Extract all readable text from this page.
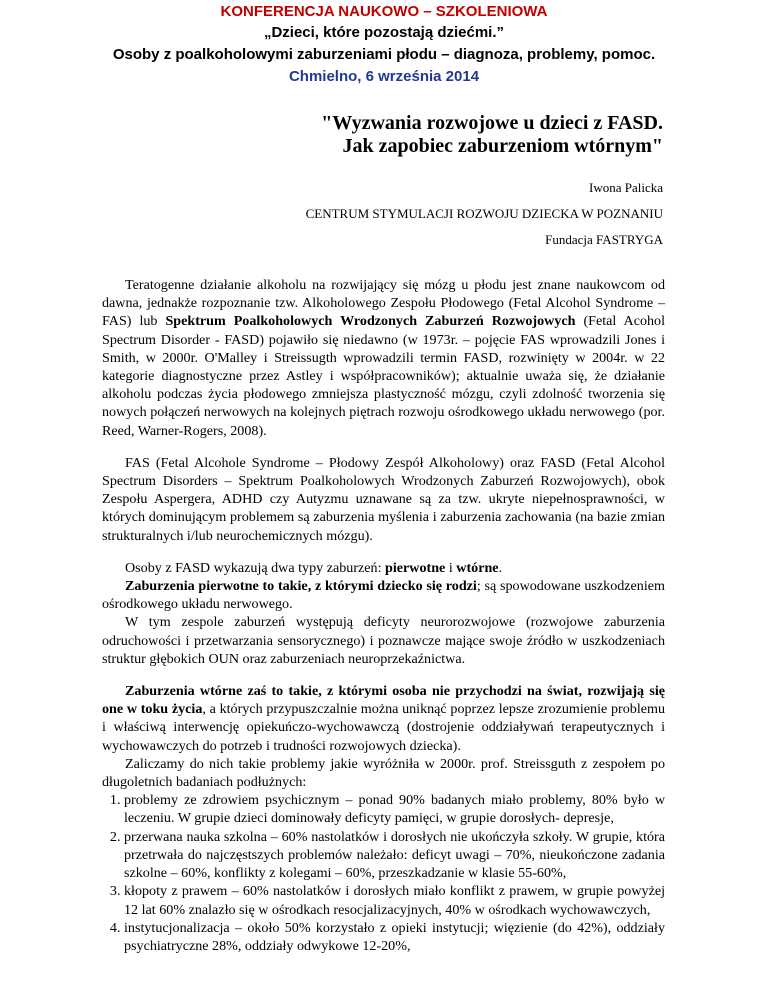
KONFERENCJA NAUKOWO – SZKOLENIOWA
„Dzieci, które pozostają dziećmi.”
Osoby z poalkoholowymi zaburzeniami płodu – diagnoza, problemy, pomoc.
Chmielno, 6 września 2014
"Wyzwania rozwojowe u dzieci z FASD.
Jak zapobiec zaburzeniom wtórnym"
Iwona Palicka
CENTRUM STYMULACJI ROZWOJU DZIECKA W POZNANIU
Fundacja FASTRYGA

Teratogenne działanie alkoholu na rozwijający się mózg u płodu jest znane naukowcom od dawna, jednakże rozpoznanie tzw. Alkoholowego Zespołu Płodowego (Fetal Alcohol Syndrome – FAS) lub Spektrum Poalkoholowych Wrodzonych Zaburzeń Rozwojowych (Fetal Acohol Spectrum Disorder - FASD) pojawiło się niedawno (w 1973r. – pojęcie FAS wprowadzili Jones i Smith, w 2000r. O'Malley i Streissugth wprowadzili termin FASD, rozwinięty w 2004r. w 22 kategorie diagnostyczne przez Astley i współpracowników); aktualnie uważa się, że działanie alkoholu podczas życia płodowego zmniejsza plastyczność mózgu, czyli zdolność tworzenia się nowych połączeń nerwowych na kolejnych piętrach rozwoju ośrodkowego układu nerwowego (por. Reed, Warner-Rogers, 2008).

FAS (Fetal Alcohole Syndrome – Płodowy Zespół Alkoholowy) oraz FASD (Fetal Alcohol Spectrum Disorders – Spektrum Poalkoholowych Wrodzonych Zaburzeń Rozwojowych), obok Zespołu Aspergera, ADHD czy Autyzmu uznawane są za tzw. ukryte niepełnosprawności, w których dominującym problemem są zaburzenia myślenia i zaburzenia zachowania (na bazie zmian strukturalnych i/lub neurochemicznych mózgu).

Osoby z FASD wykazują dwa typy zaburzeń: pierwotne i wtórne.

Zaburzenia pierwotne to takie, z którymi dziecko się rodzi; są spowodowane uszkodzeniem ośrodkowego układu nerwowego.

W tym zespole zaburzeń występują deficyty neurorozwojowe (rozwojowe zaburzenia odruchowości i przetwarzania sensorycznego) i poznawcze mające swoje źródło w uszkodzeniach struktur głębokich OUN oraz zaburzeniach neuroprzekaźnictwa.

Zaburzenia wtórne zaś to takie, z którymi osoba nie przychodzi na świat, rozwijają się one w toku życia, a których przypuszczalnie można uniknąć poprzez lepsze zrozumienie problemu i właściwą interwencję opiekuńczo-wychowawczą (dostrojenie oddziaływań terapeutycznych i wychowawczych do potrzeb i trudności rozwojowych dziecka).

Zaliczamy do nich takie problemy jakie wyróżniła w 2000r. prof. Streissguth z zespołem po długoletnich badaniach podłużnych:

1. problemy ze zdrowiem psychicznym – ponad 90% badanych miało problemy, 80% było w leczeniu. W grupie dzieci dominowały deficyty pamięci, w grupie dorosłych- depresje,
2. przerwana nauka szkolna – 60% nastolatków i dorosłych nie ukończyła szkoły. W grupie, która przetrwała do najczęstszych problemów należało: deficyt uwagi – 70%, nieukończone zadania szkolne – 60%, konflikty z kolegami – 60%, przeszkadzanie w klasie 55-60%,
3. kłopoty z prawem – 60% nastolatków i dorosłych miało konflikt z prawem, w grupie powyżej 12 lat 60% znalazło się w ośrodkach resocjalizacyjnych, 40% w ośrodkach wychowawczych,
4. instytucjonalizacja – około 50% korzystało z opieki instytucji; więzienie (do 42%), oddziały psychiatryczne 28%, oddziały odwykowe 12-20%,
